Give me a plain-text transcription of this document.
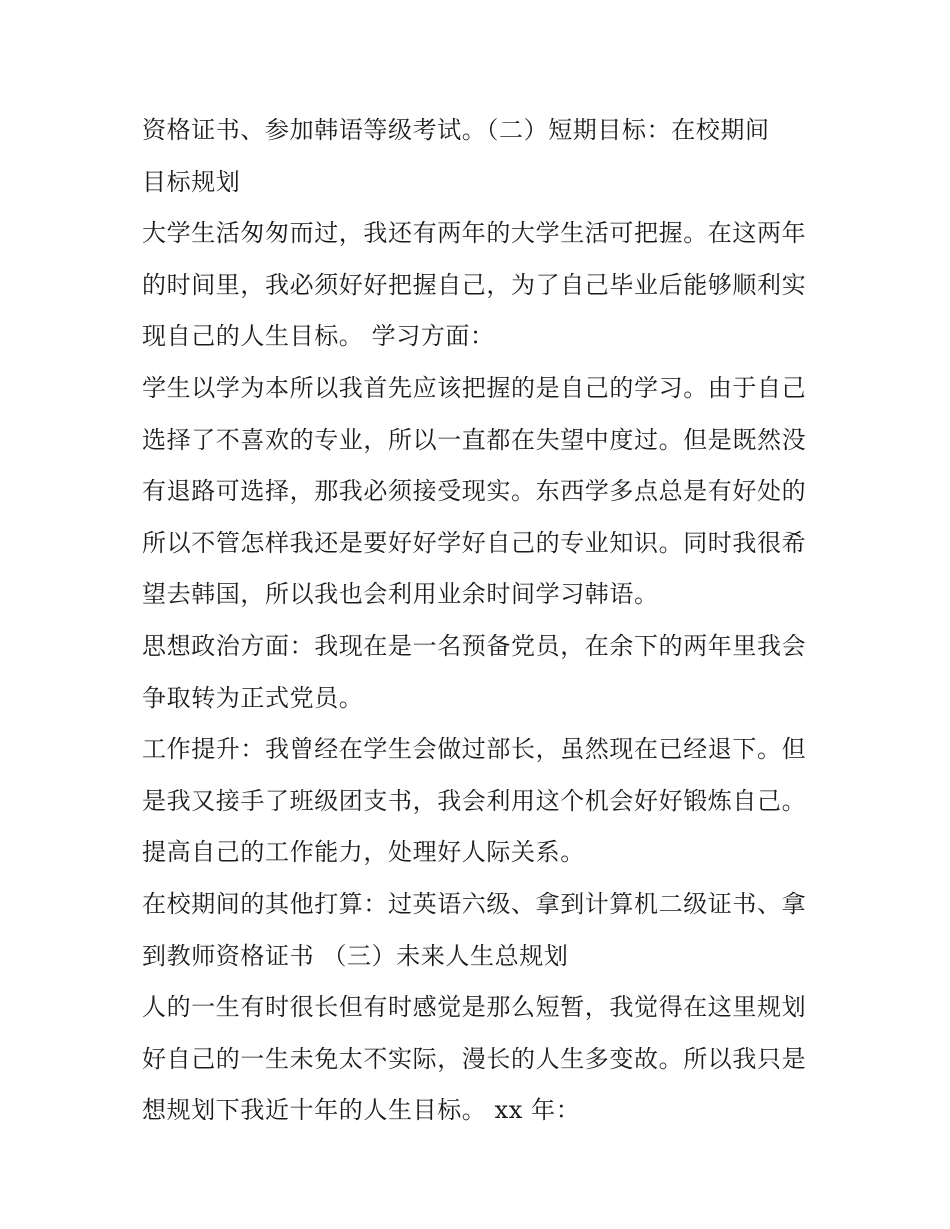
资格证书、参加韩语等级考试。（二）短期目标：在校期间

目标规划

大学生活匆匆而过，我还有两年的大学生活可把握。在这两年

的时间里，我必须好好把握自己，为了自己毕业后能够顺利实

现自己的人生目标。 学习方面：

学生以学为本所以我首先应该把握的是自己的学习。由于自己

选择了不喜欢的专业，所以一直都在失望中度过。但是既然没

有退路可选择，那我必须接受现实。东西学多点总是有好处的

所以不管怎样我还是要好好学好自己的专业知识。同时我很希

望去韩国，所以我也会利用业余时间学习韩语。

思想政治方面：我现在是一名预备党员，在余下的两年里我会

争取转为正式党员。

工作提升：我曾经在学生会做过部长，虽然现在已经退下。但

是我又接手了班级团支书，我会利用这个机会好好锻炼自己。

提高自己的工作能力，处理好人际关系。

在校期间的其他打算：过英语六级、拿到计算机二级证书、拿

到教师资格证书 （三）未来人生总规划

人的一生有时很长但有时感觉是那么短暂，我觉得在这里规划

好自己的一生未免太不实际，漫长的人生多变故。所以我只是

想规划下我近十年的人生目标。 xx 年：
